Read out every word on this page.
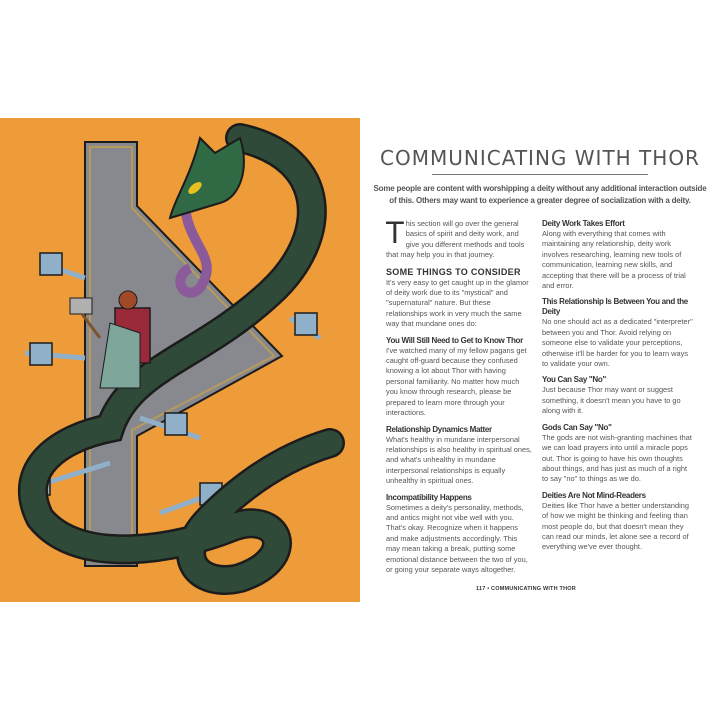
COMMUNICATING WITH THOR
Some people are content with worshipping a deity without any additional interaction outside of this. Others may want to experience a greater degree of socialization with a deity.

This section will go over the general basics of spirit and deity work, and give you different methods and tools that may help you in that journey.

SOME THINGS TO CONSIDER

It's very easy to get caught up in the glamor of deity work due to its "mystical" and "supernatural" nature. But these relationships work in very much the same way that mundane ones do:

You Will Still Need to Get to Know Thor

I've watched many of my fellow pagans get caught off-guard because they confused knowing a lot about Thor with having personal familiarity. No matter how much you know through research, please be prepared to learn more through your interactions.

Relationship Dynamics Matter

What's healthy in mundane interpersonal relationships is also healthy in spiritual ones, and what's unhealthy in mundane interpersonal relationships is equally unhealthy in spiritual ones.

Incompatibility Happens

Sometimes a deity's personality, methods, and antics might not vibe well with you. That's okay. Recognize when it happens and make adjustments accordingly. This may mean taking a break, putting some emotional distance between the two of you, or going your separate ways altogether.

Deity Work Takes Effort

Along with everything that comes with maintaining any relationship, deity work involves researching, learning new tools of communication, learning new skills, and accepting that there will be a process of trial and error.

This Relationship Is Between You and the Deity

No one should act as a dedicated "interpreter" between you and Thor. Avoid relying on someone else to validate your perceptions, otherwise it'll be harder for you to learn ways to validate your own.

You Can Say "No"

Just because Thor may want or suggest something, it doesn't mean you have to go along with it.

Gods Can Say "No"

The gods are not wish-granting machines that we can load prayers into until a miracle pops out. Thor is going to have his own thoughts about things, and has just as much of a right to say "no" to things as we do.

Deities Are Not Mind-Readers

Deities like Thor have a better understanding of how we might be thinking and feeling than most people do, but that doesn't mean they can read our minds, let alone see a record of everything we've ever thought.

117 • COMMUNICATING WITH THOR
